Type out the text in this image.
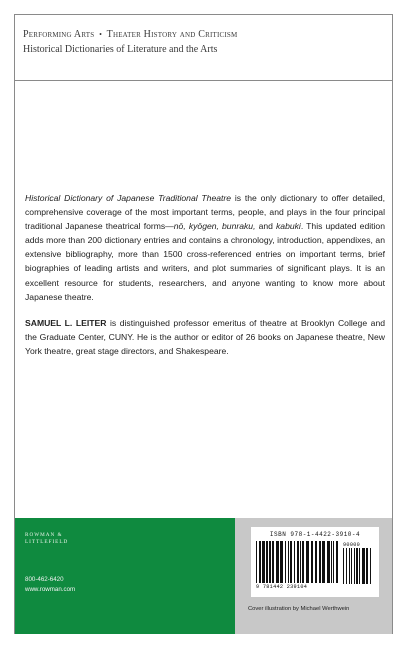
Performing Arts • Theater History and Criticism
Historical Dictionaries of Literature and the Arts

Historical Dictionary of Japanese Traditional Theatre is the only dictionary to offer detailed, comprehensive coverage of the most important terms, people, and plays in the four principal traditional Japanese theatrical forms—nō, kyōgen, bunraku, and kabuki. This updated edition adds more than 200 dictionary entries and contains a chronology, introduction, appendixes, an extensive bibliography, more than 1500 cross-referenced entries on important terms, brief biographies of leading artists and writers, and plot summaries of significant plays. It is an excellent resource for students, researchers, and anyone wanting to know more about Japanese theatre.

SAMUEL L. LEITER is distinguished professor emeritus of theatre at Brooklyn College and the Graduate Center, CUNY. He is the author or editor of 26 books on Japanese theatre, New York theatre, great stage directors, and Shakespeare.

ROWMAN &
LITTLEFIELD
800-462-6420
www.rowman.com
ISBN 978-1-4422-3910-4
9 781442 239104
90000
Cover illustration by Michael Werthwein
